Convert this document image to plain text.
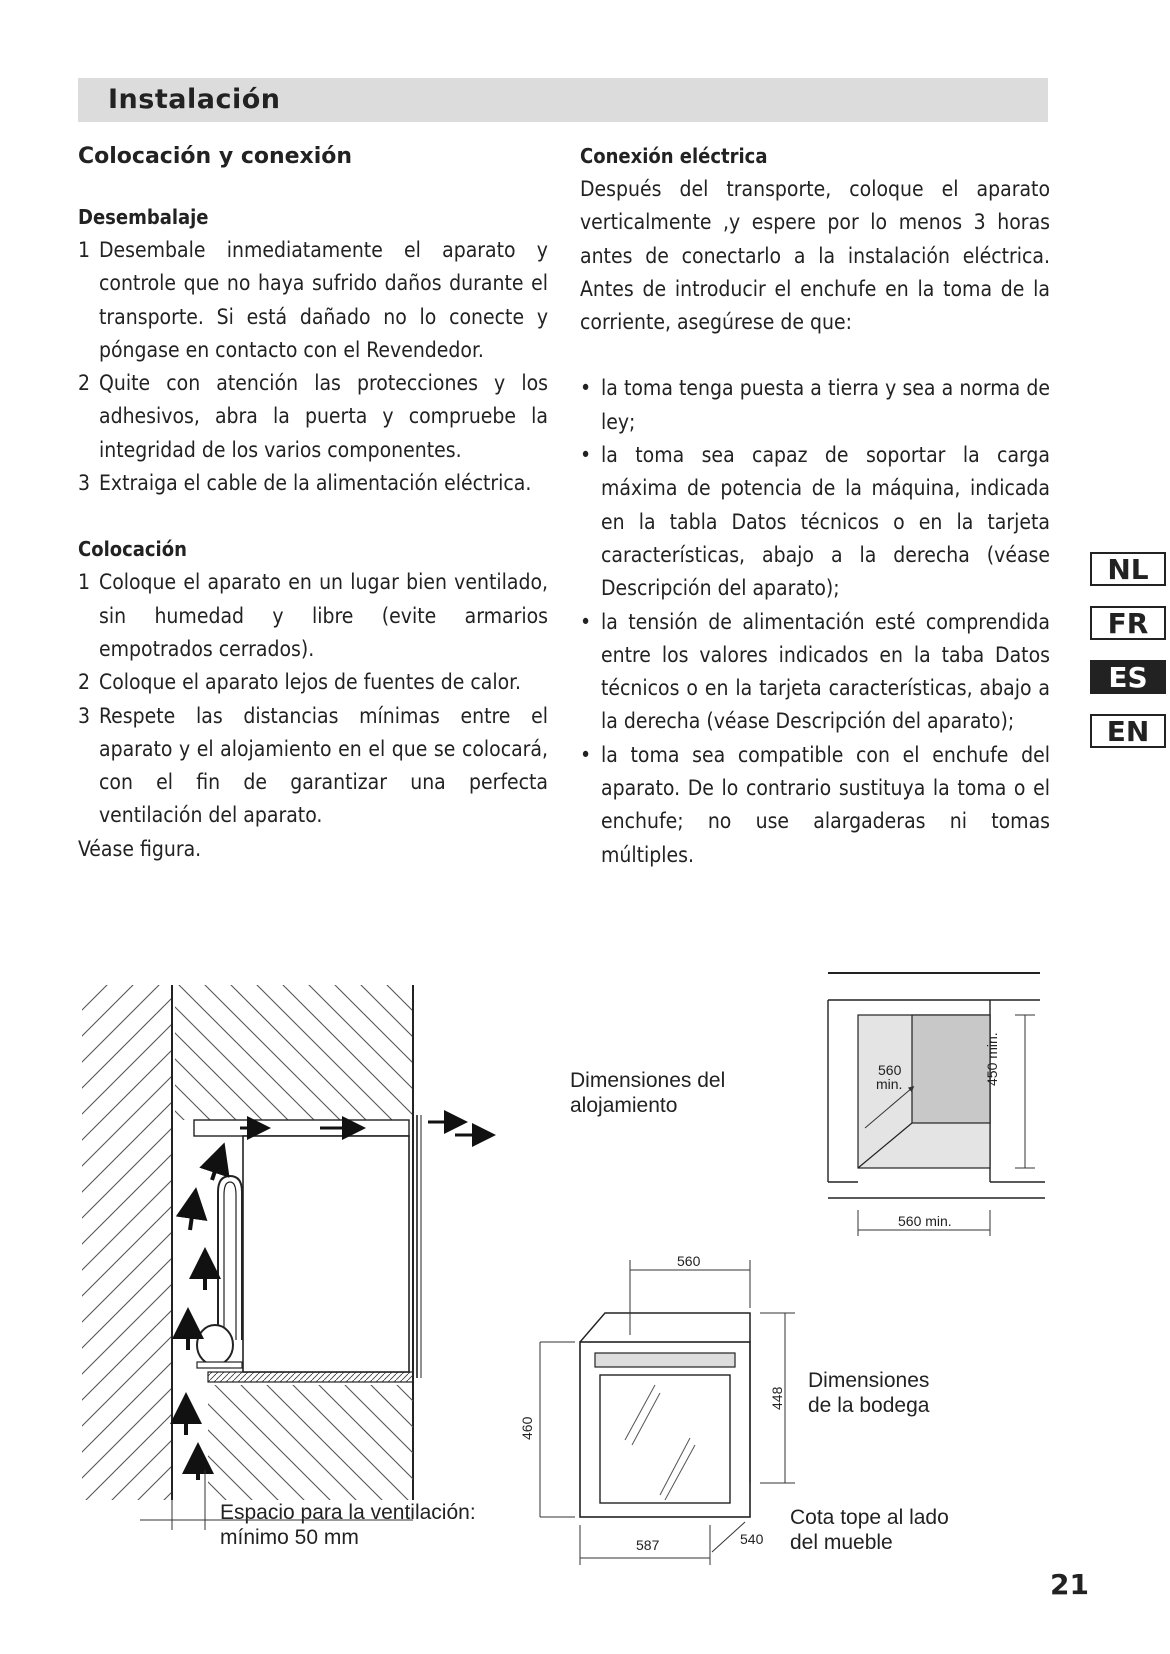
Instalación
Colocación y conexión
Desembalaje
1 Desembale inmediatamente el aparato y controle que no haya sufrido daños durante el transporte. Si está dañado no lo conecte y póngase en contacto con el Revendedor.
2 Quite con atención las protecciones y los adhesivos, abra la puerta y compruebe la integridad de los varios componentes.
3 Extraiga el cable de la alimentación eléctrica.
Colocación
1 Coloque el aparato en un lugar bien ventilado, sin humedad y libre (evite armarios empotrados cerrados).
2 Coloque el aparato lejos de fuentes de calor.
3 Respete las distancias mínimas entre el aparato y el alojamiento en el que se colocará, con el fin de garantizar una perfecta ventilación del aparato.

Véase figura.

Conexión eléctrica

Después del transporte, coloque el aparato verticalmente ,y espere por lo menos 3 horas antes de conectarlo a la instalación eléctrica. Antes de introducir el enchufe en la toma de la corriente, asegúrese de que:

• la toma tenga puesta a tierra y sea a norma de ley;
• la toma sea capaz de soportar la carga máxima de potencia de la máquina, indicada en la tabla Datos técnicos o en la tarjeta características, abajo a la derecha (véase Descripción del aparato);
• la tensión de alimentación esté comprendida entre los valores indicados en la taba Datos técnicos o en la tarjeta características, abajo a la derecha (véase Descripción del aparato);
• la toma sea compatible con el enchufe del aparato. De lo contrario sustituya la toma o el enchufe; no use alargaderas ni tomas múltiples.
NL
FR
ES
EN
Espacio para la ventilación:
mínimo 50 mm
Dimensiones del
alojamiento
560
min.	450 min.
560 min.
Dimensiones
de la bodega
560
460
448
587	540
Cota tope al lado
del mueble
21
